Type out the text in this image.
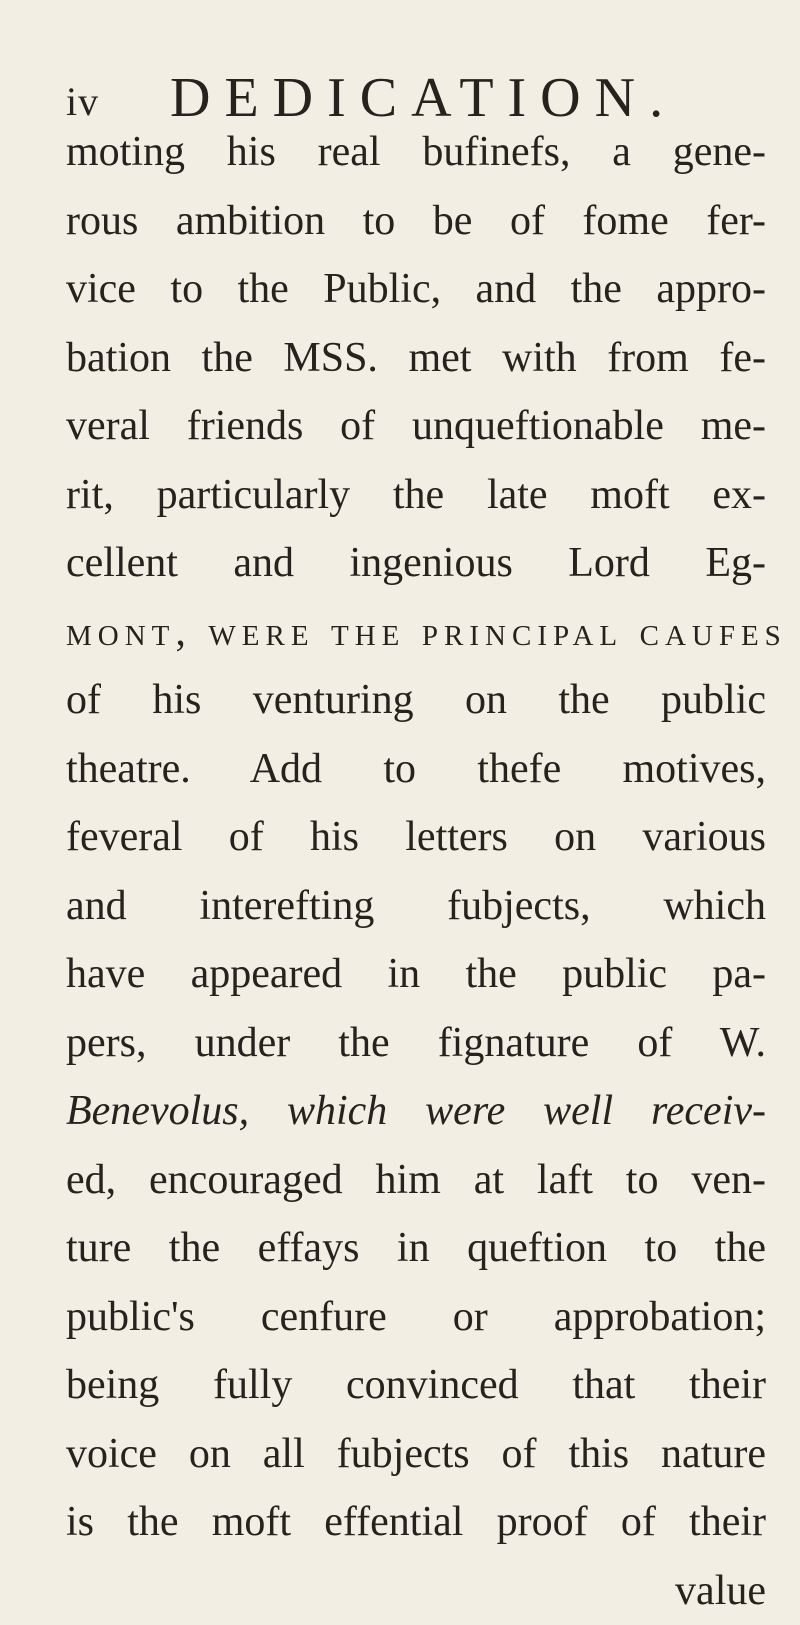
iv DEDICATION.
moting his real bufinefs, a gene-
rous ambition to be of fome fer-
vice to the Public, and the appro-
bation the MSS. met with from fe-
veral friends of unqueftionable me-
rit, particularly the late moft ex-
cellent and ingenious Lord Eg-
mont, were the principal caufes
of his venturing on the public
theatre. Add to thefe motives,
feveral of his letters on various
and interefting fubjects, which
have appeared in the public pa-
pers, under the fignature of W.
Benevolus, which were well receiv-
ed, encouraged him at laft to ven-
ture the effays in queftion to the
public's cenfure or approbation;
being fully convinced that their
voice on all fubjects of this nature
is the moft effential proof of their
value
